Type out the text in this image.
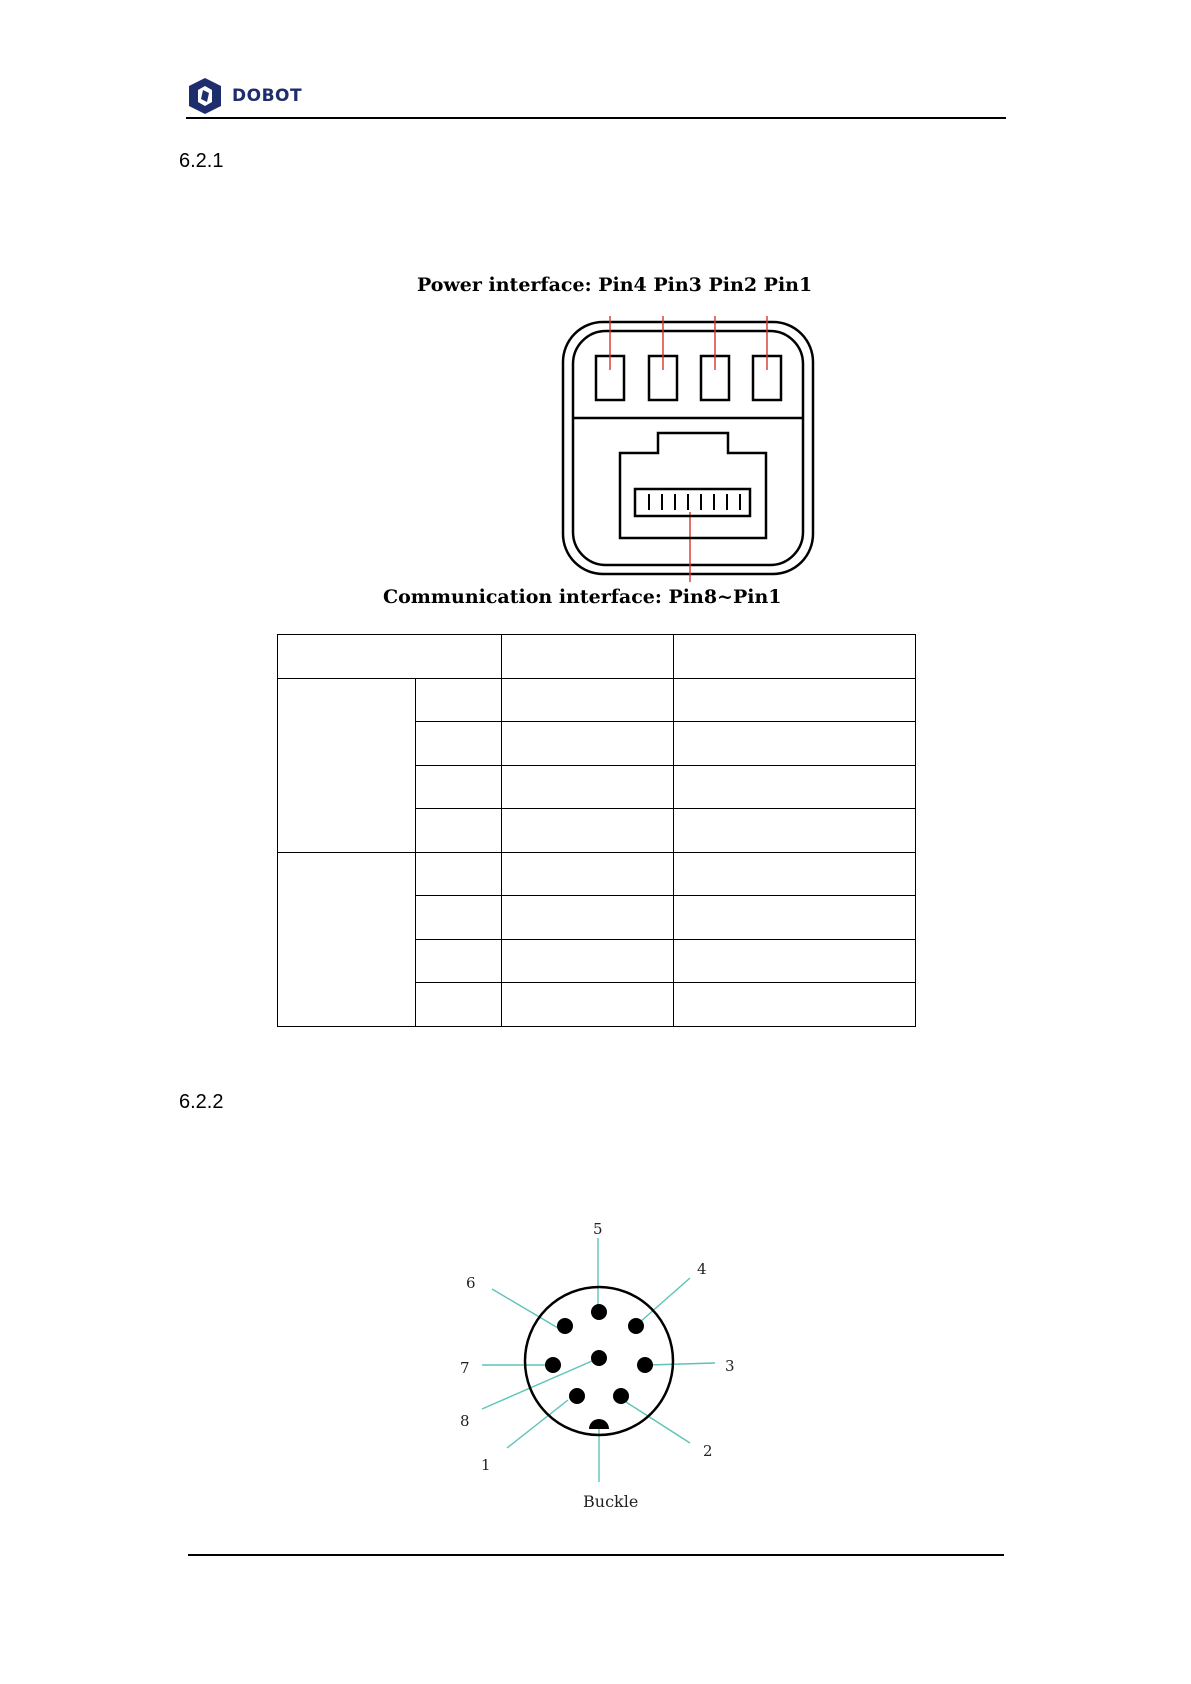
DOBOT
6.2.1
Power interface: Pin4 Pin3 Pin2 Pin1
Communication interface: Pin8~Pin1

6.2.2
5
4
6
7	3
8
2
1
Buckle
